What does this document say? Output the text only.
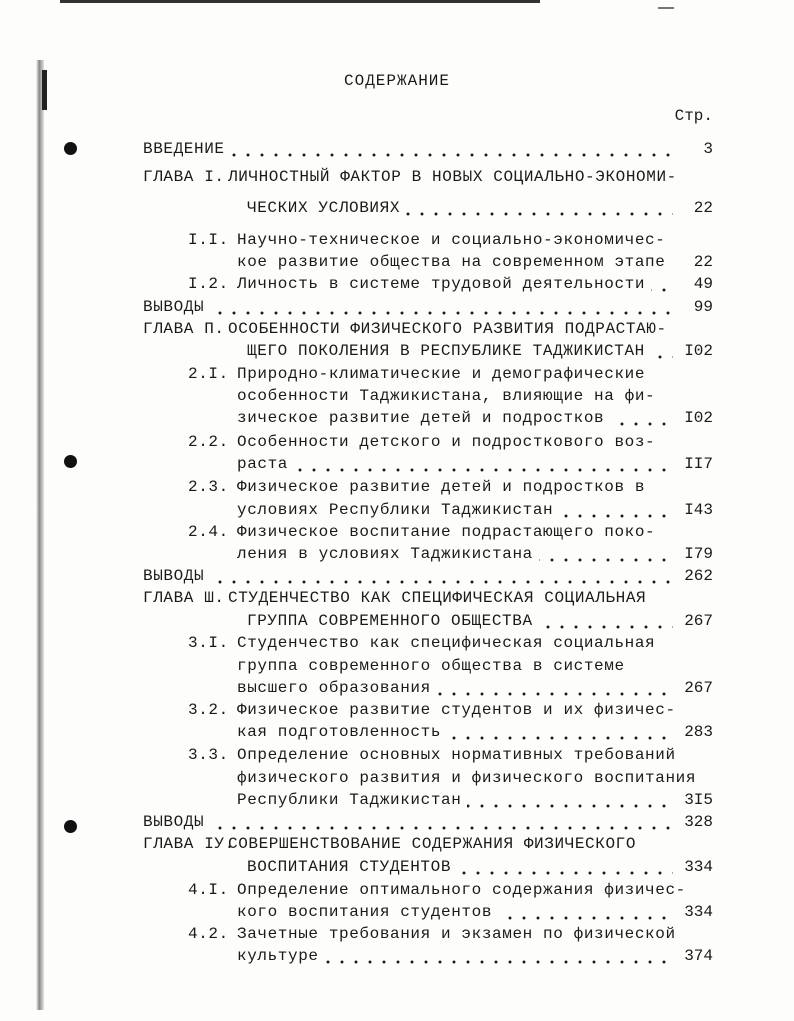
СОДЕРЖАНИЕ
Стр.
ВВЕДЕНИЕ	3
ГЛАВА I. ЛИЧНОСТНЫЙ ФАКТОР В НОВЫХ СОЦИАЛЬНО-ЭКОНОМИ-
ЧЕСКИХ УСЛОВИЯХ	22
I.I. Научно-техническое и социально-экономичес-
кое развитие общества на современном этапе	22
I.2. Личность в системе трудовой деятельности	49
ВЫВОДЫ	99
ГЛАВА П. ОСОБЕННОСТИ ФИЗИЧЕСКОГО РАЗВИТИЯ ПОДРАСТАЮ-
ЩЕГО ПОКОЛЕНИЯ В РЕСПУБЛИКЕ ТАДЖИКИСТАН	I02
2.I. Природно-климатические и демографические
особенности Таджикистана, влияющие на фи-
зическое развитие детей и подростков	I02
2.2. Особенности детского и подросткового воз-
раста	II7
2.3. Физическое развитие детей и подростков в
условиях Республики Таджикистан	I43
2.4. Физическое воспитание подрастающего поко-
ления в условиях Таджикистана	I79
ВЫВОДЫ	262
ГЛАВА Ш. СТУДЕНЧЕСТВО КАК СПЕЦИФИЧЕСКАЯ СОЦИАЛЬНАЯ
ГРУППА СОВРЕМЕННОГО ОБЩЕСТВА	267
3.I. Студенчество как специфическая социальная
группа современного общества в системе
высшего образования	267
3.2. Физическое развитие студентов и их физичес-
кая подготовленность	283
3.3. Определение основных нормативных требований
физического развития и физического воспитания
Республики Таджикистан	3I5
ВЫВОДЫ	328
ГЛАВА IУ.
СОВЕРШЕНСТВОВАНИЕ СОДЕРЖАНИЯ ФИЗИЧЕСКОГО
ВОСПИТАНИЯ СТУДЕНТОВ	334
4.I. Определение оптимального содержания физичес-
кого воспитания студентов	334
4.2. Зачетные требования и экзамен по физической
культуре	374
